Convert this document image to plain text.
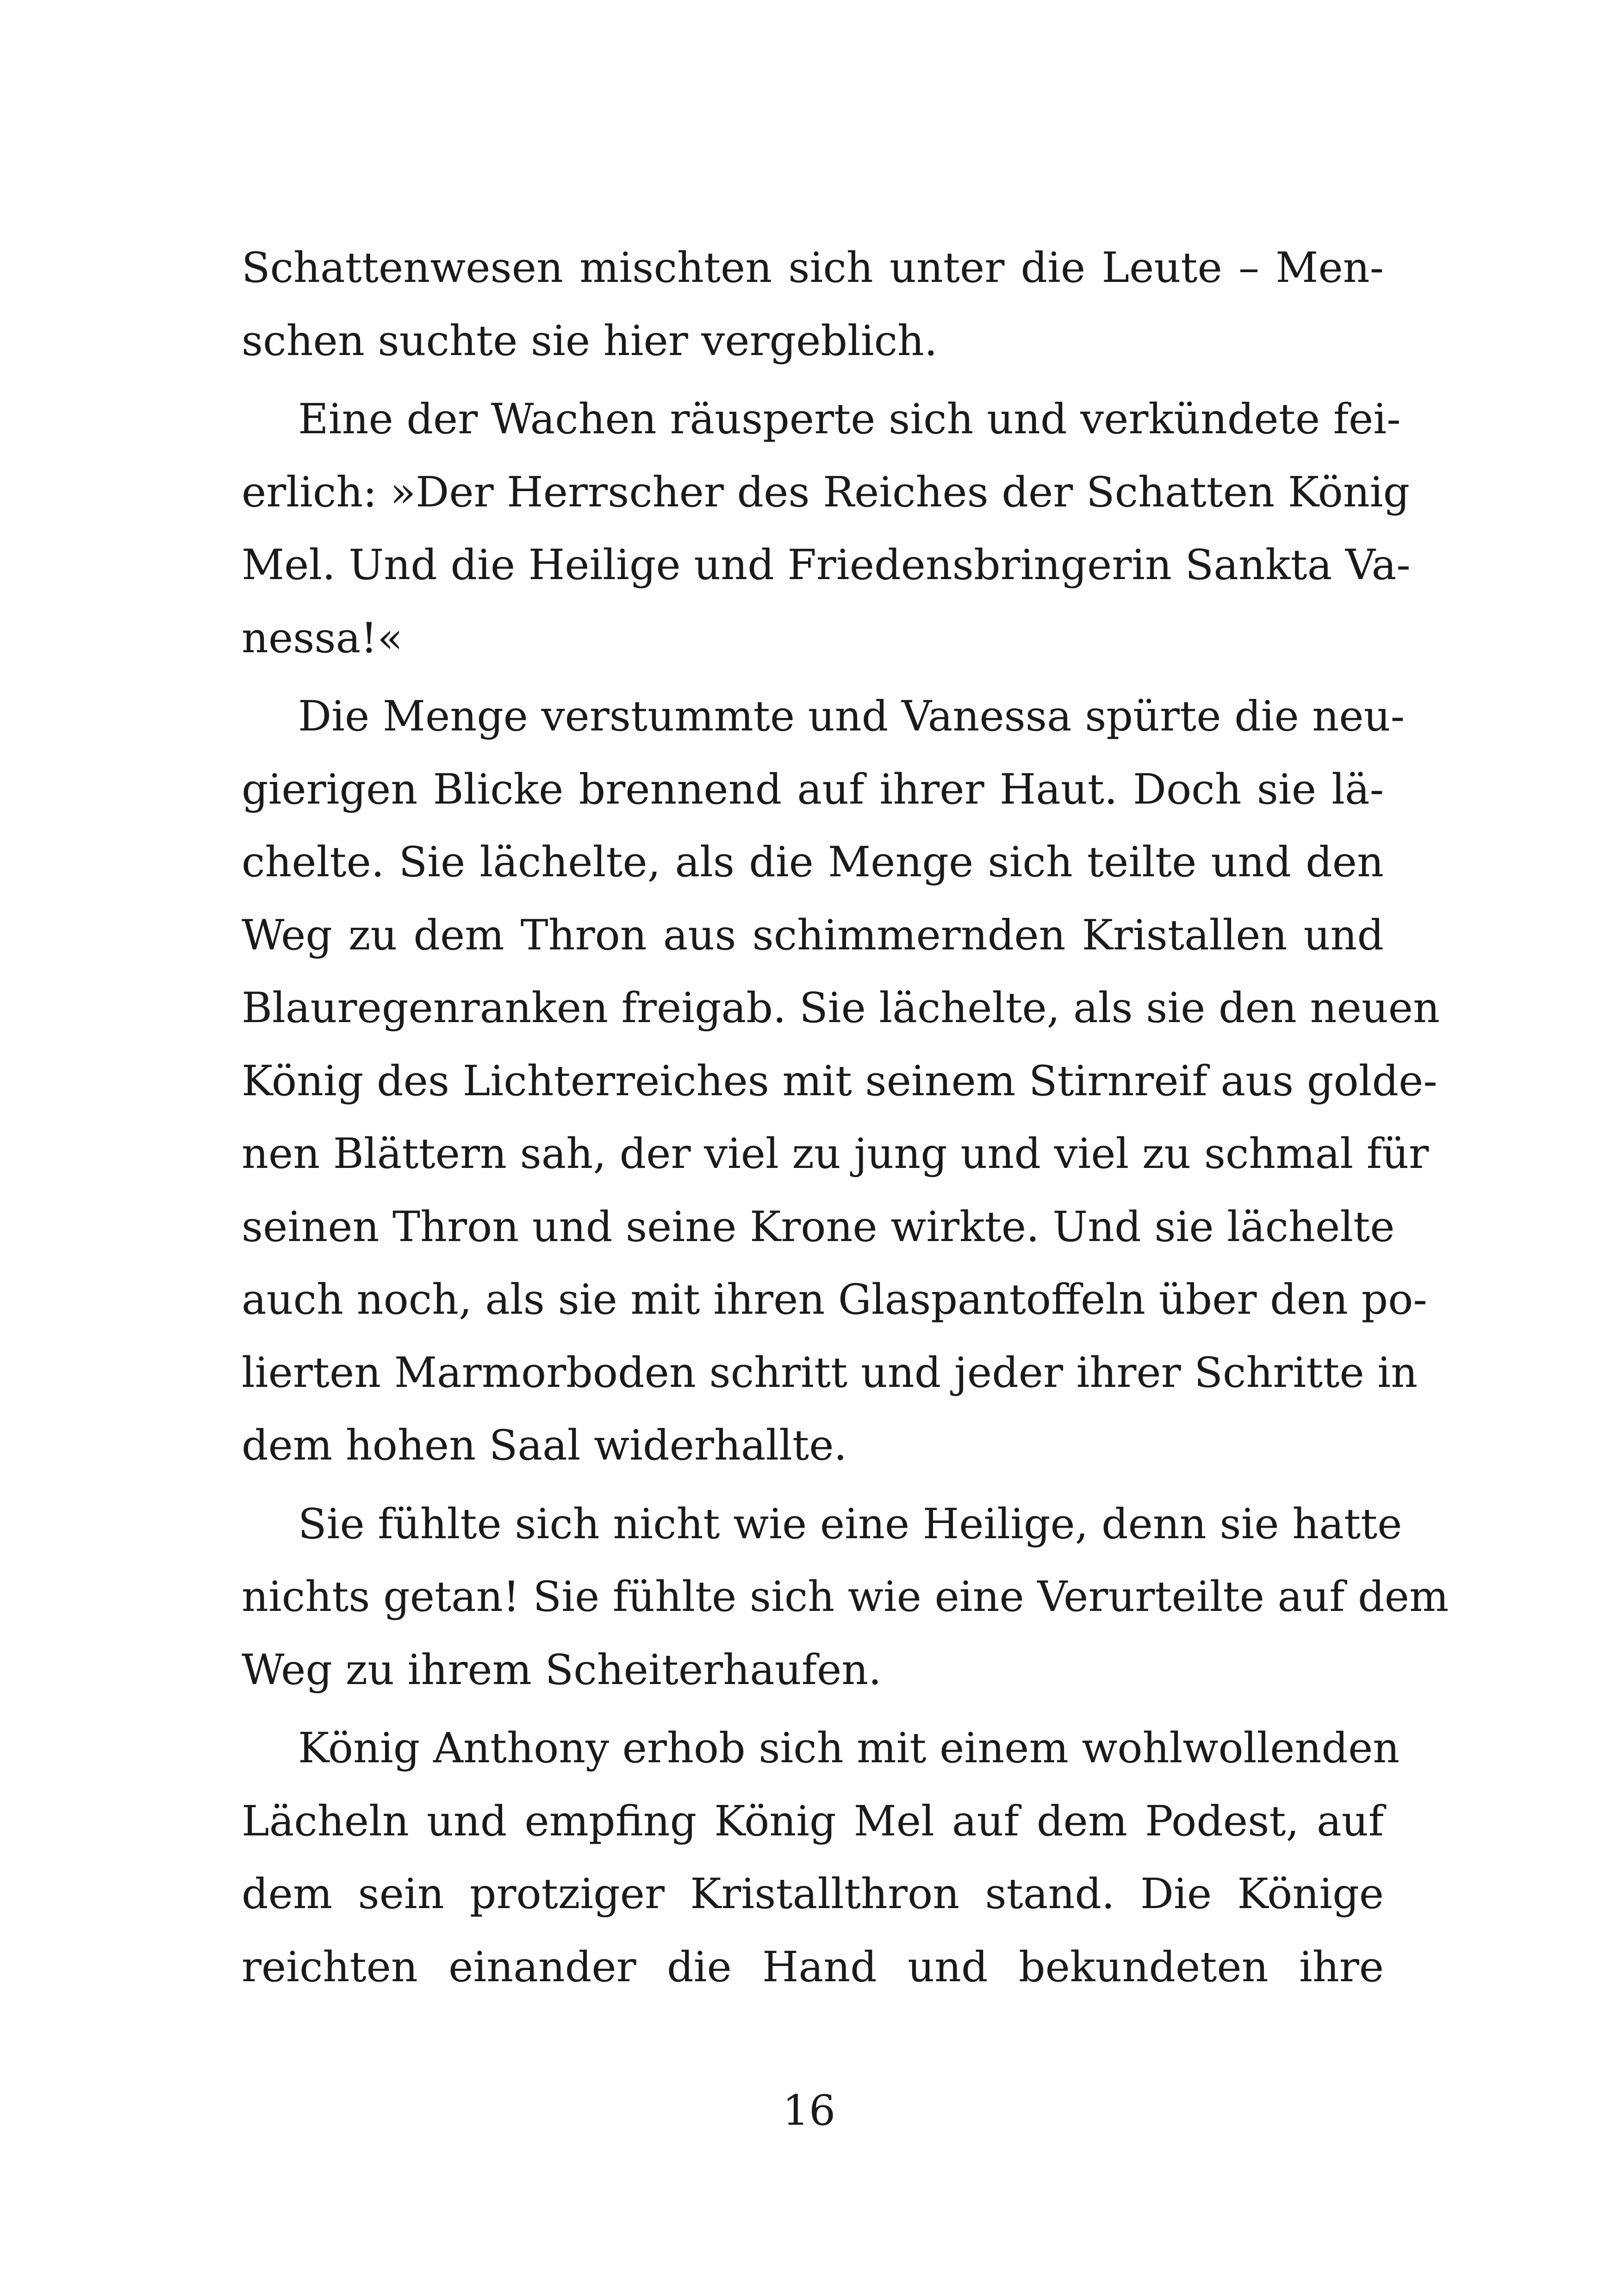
Schattenwesen mischten sich unter die Leute – Men-
schen suchte sie hier vergeblich.

Eine der Wachen räusperte sich und verkündete fei-
erlich: »Der Herrscher des Reiches der Schatten König
Mel. Und die Heilige und Friedensbringerin Sankta Va-
nessa!«

Die Menge verstummte und Vanessa spürte die neu-
gierigen Blicke brennend auf ihrer Haut. Doch sie lä-
chelte. Sie lächelte, als die Menge sich teilte und den
Weg zu dem Thron aus schimmernden Kristallen und
Blauregenranken freigab. Sie lächelte, als sie den neuen
König des Lichterreiches mit seinem Stirnreif aus golde-
nen Blättern sah, der viel zu jung und viel zu schmal für
seinen Thron und seine Krone wirkte. Und sie lächelte
auch noch, als sie mit ihren Glaspantoffeln über den po-
lierten Marmorboden schritt und jeder ihrer Schritte in
dem hohen Saal widerhallte.

Sie fühlte sich nicht wie eine Heilige, denn sie hatte
nichts getan! Sie fühlte sich wie eine Verurteilte auf dem
Weg zu ihrem Scheiterhaufen.

König Anthony erhob sich mit einem wohlwollenden
Lächeln und empfing König Mel auf dem Podest, auf
dem sein protziger Kristallthron stand. Die Könige
reichten einander die Hand und bekundeten ihre

16
